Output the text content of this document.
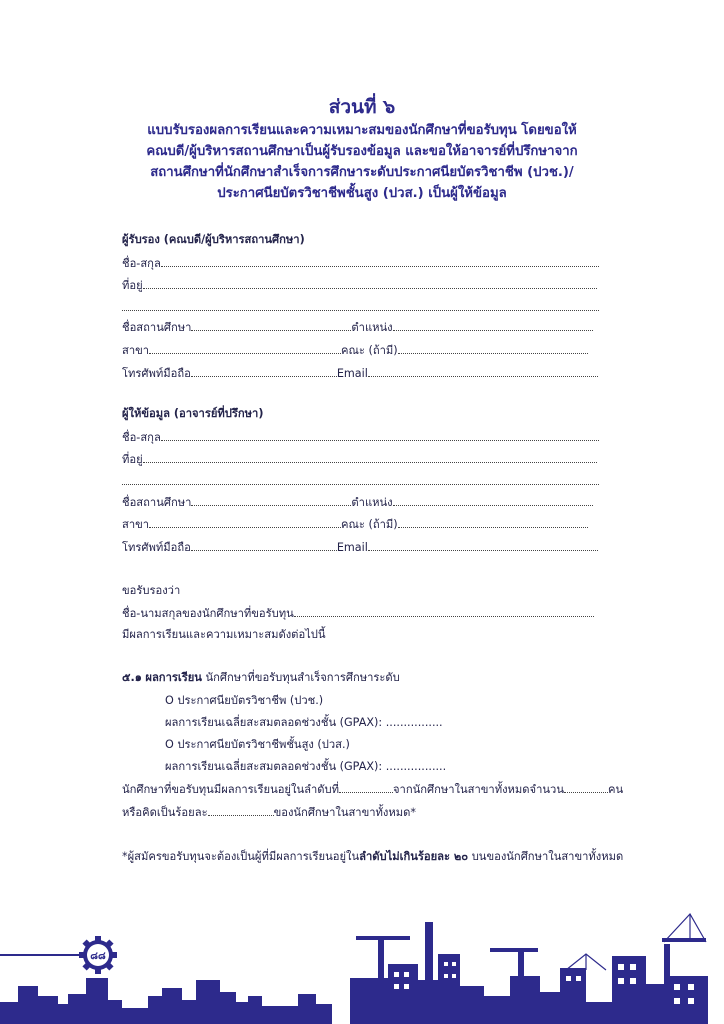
ส่วนที่ ๖
แบบรับรองผลการเรียนและความเหมาะสมของนักศึกษาที่ขอรับทุน โดยขอให้
คณบดี/ผู้บริหารสถานศึกษาเป็นผู้รับรองข้อมูล และขอให้อาจารย์ที่ปรึกษาจาก
สถานศึกษาที่นักศึกษาสำเร็จการศึกษาระดับประกาศนียบัตรวิชาชีพ (ปวช.)/
ประกาศนียบัตรวิชาชีพชั้นสูง (ปวส.) เป็นผู้ให้ข้อมูล
ผู้รับรอง (คณบดี/ผู้บริหารสถานศึกษา)
ชื่อ-สกุล
ที่อยู่
ชื่อสถานศึกษา	ตำแหน่ง
สาขา	คณะ (ถ้ามี)
โทรศัพท์มือถือ	Email
ผู้ให้ข้อมูล (อาจารย์ที่ปรึกษา)
ชื่อ-สกุล
ที่อยู่
ชื่อสถานศึกษา	ตำแหน่ง
สาขา	คณะ (ถ้ามี)
โทรศัพท์มือถือ	Email
ขอรับรองว่า
ชื่อ-นามสกุลของนักศึกษาที่ขอรับทุน
มีผลการเรียนและความเหมาะสมดังต่อไปนี้
๕.๑ ผลการเรียน นักศึกษาที่ขอรับทุนสำเร็จการศึกษาระดับ
O ประกาศนียบัตรวิชาชีพ (ปวช.)
ผลการเรียนเฉลี่ยสะสมตลอดช่วงชั้น (GPAX): ................
O ประกาศนียบัตรวิชาชีพชั้นสูง (ปวส.)
ผลการเรียนเฉลี่ยสะสมตลอดช่วงชั้น (GPAX): .................
นักศึกษาที่ขอรับทุนมีผลการเรียนอยู่ในลำดับที่	จากนักศึกษาในสาขาทั้งหมดจำนวน	คน
หรือคิดเป็นร้อยละ	ของนักศึกษาในสาขาทั้งหมด*
*ผู้สมัครขอรับทุนจะต้องเป็นผู้ที่มีผลการเรียนอยู่ในลำดับไม่เกินร้อยละ ๒๐ บนของนักศึกษาในสาขาทั้งหมด
๘๘
